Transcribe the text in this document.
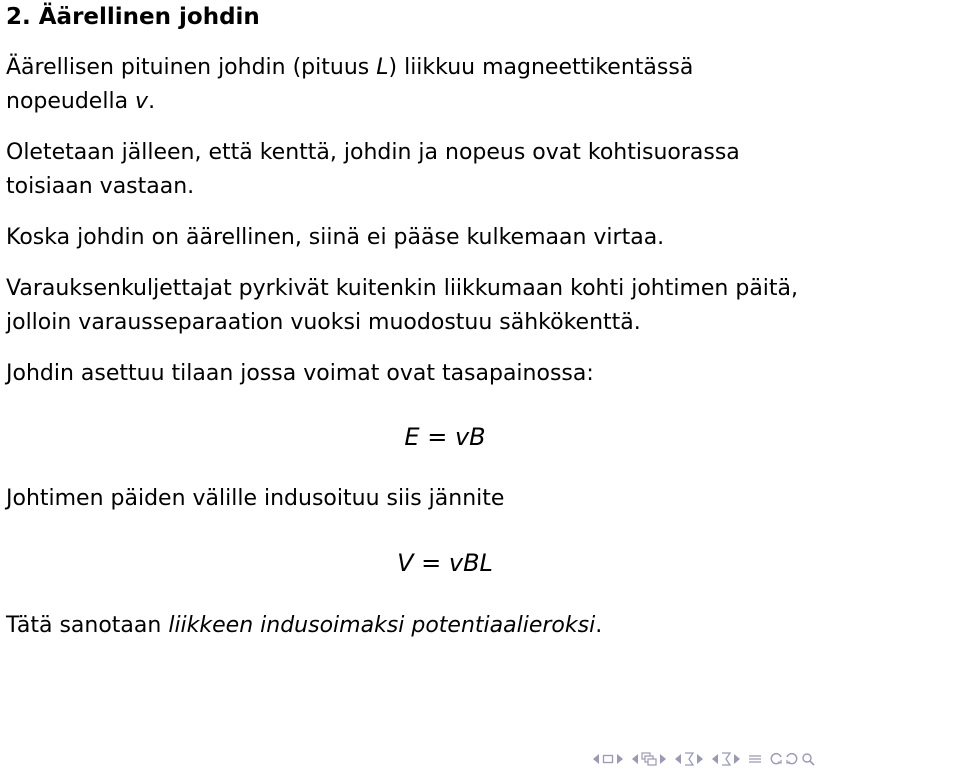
2. Äärellinen johdin
Äärellisen pituinen johdin (pituus L) liikkuu magneettikentässä
nopeudella v.
Oletetaan jälleen, että kenttä, johdin ja nopeus ovat kohtisuorassa
toisiaan vastaan.
Koska johdin on äärellinen, siinä ei pääse kulkemaan virtaa.
Varauksenkuljettajat pyrkivät kuitenkin liikkumaan kohti johtimen päitä,
jolloin varausseparaation vuoksi muodostuu sähkökenttä.
Johdin asettuu tilaan jossa voimat ovat tasapainossa:
E = vB
Johtimen päiden välille indusoituu siis jännite
V = vBL
Tätä sanotaan liikkeen indusoimaksi potentiaalieroksi.
